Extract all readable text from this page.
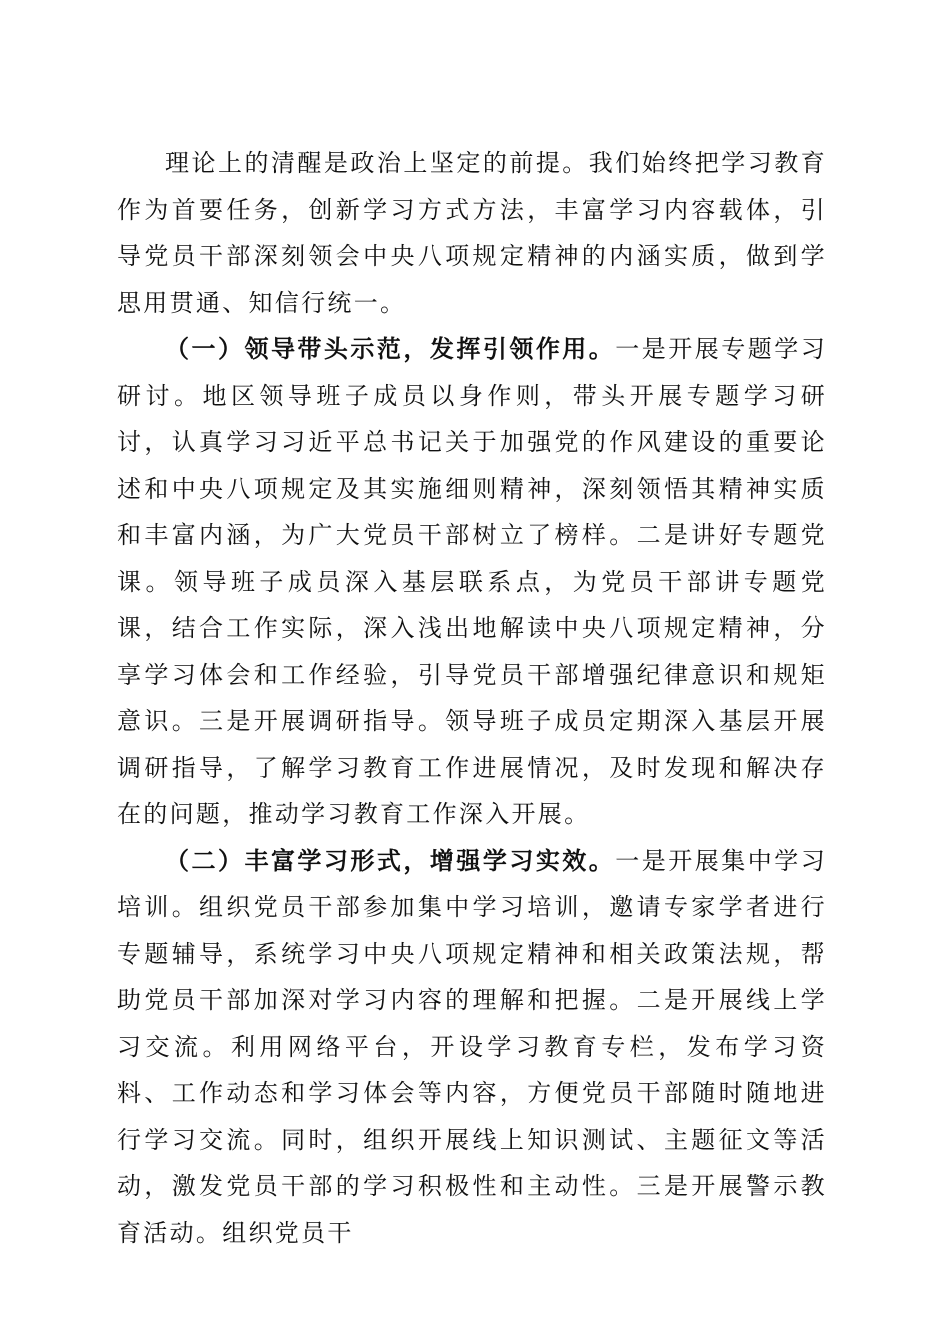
理论上的清醒是政治上坚定的前提。我们始终把学习教育作为首要任务，创新学习方式方法，丰富学习内容载体，引导党员干部深刻领会中央八项规定精神的内涵实质，做到学思用贯通、知信行统一。

（一）领导带头示范，发挥引领作用。一是开展专题学习研讨。地区领导班子成员以身作则，带头开展专题学习研讨，认真学习习近平总书记关于加强党的作风建设的重要论述和中央八项规定及其实施细则精神，深刻领悟其精神实质和丰富内涵，为广大党员干部树立了榜样。二是讲好专题党课。领导班子成员深入基层联系点，为党员干部讲专题党课，结合工作实际，深入浅出地解读中央八项规定精神，分享学习体会和工作经验，引导党员干部增强纪律意识和规矩意识。三是开展调研指导。领导班子成员定期深入基层开展调研指导，了解学习教育工作进展情况，及时发现和解决存在的问题，推动学习教育工作深入开展。

（二）丰富学习形式，增强学习实效。一是开展集中学习培训。组织党员干部参加集中学习培训，邀请专家学者进行专题辅导，系统学习中央八项规定精神和相关政策法规，帮助党员干部加深对学习内容的理解和把握。二是开展线上学习交流。利用网络平台，开设学习教育专栏，发布学习资料、工作动态和学习体会等内容，方便党员干部随时随地进行学习交流。同时，组织开展线上知识测试、主题征文等活动，激发党员干部的学习积极性和主动性。三是开展警示教育活动。组织党员干
